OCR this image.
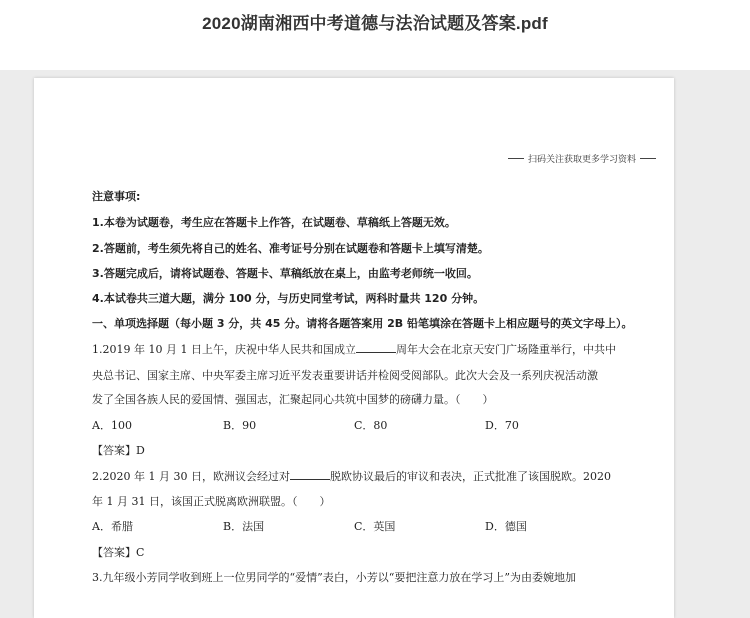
2020湖南湘西中考道德与法治试题及答案.pdf
扫码关注获取更多学习资料
注意事项:
1.本卷为试题卷，考生应在答题卡上作答，在试题卷、草稿纸上答题无效。
2.答题前，考生须先将自己的姓名、准考证号分别在试题卷和答题卡上填写清楚。
3.答题完成后，请将试题卷、答题卡、草稿纸放在桌上，由监考老师统一收回。
4.本试卷共三道大题，满分 100 分，与历史同堂考试，两科时量共 120 分钟。
一、单项选择题（每小题 3 分，共 45 分。请将各题答案用 2B 铅笔填涂在答题卡上相应题号的英文字母上）。
1.2019 年 10 月 1 日上午，庆祝中华人民共和国成立	周年大会在北京天安门广场隆重举行，中共中
央总书记、国家主席、中央军委主席习近平发表重要讲话并检阅受阅部队。此次大会及一系列庆祝活动激
发了全国各族人民的爱国情、强国志，汇聚起同心共筑中国梦的磅礴力量。（　　）
A．100	B．90	C．80	D．70
【答案】D
2.2020 年 1 月 30 日，欧洲议会经过对	脱欧协议最后的审议和表决，正式批准了该国脱欧。2020
年 1 月 31 日，该国正式脱离欧洲联盟。（　　）
A．希腊	B．法国	C．英国	D．德国
【答案】C
3.九年级小芳同学收到班上一位男同学的“爱情”表白，小芳以“要把注意力放在学习上”为由委婉地加
